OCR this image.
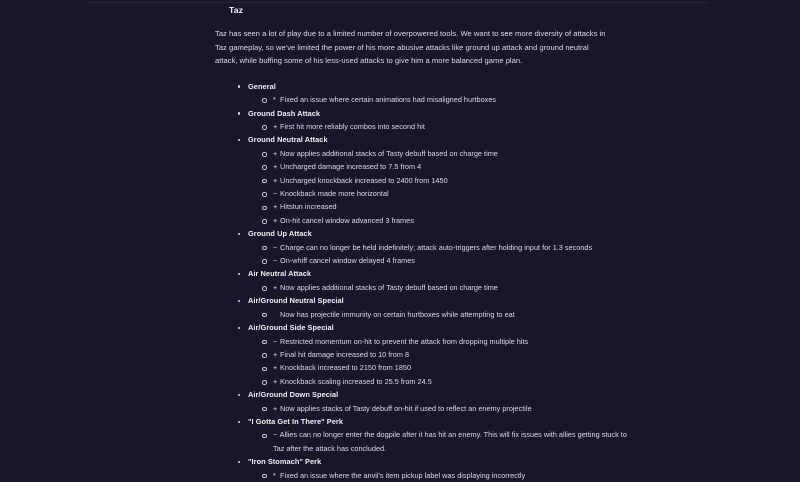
Taz

Taz has seen a lot of play due to a limited number of overpowered tools. We want to see more diversity of attacks in Taz gameplay, so we've limited the power of his more abusive attacks like ground up attack and ground neutral attack, while buffing some of his less-used attacks to give him a more balanced game plan.

General
* Fixed an issue where certain animations had misaligned hurtboxes
Ground Dash Attack
+ First hit more reliably combos into second hit
Ground Neutral Attack
+ Now applies additional stacks of Tasty debuff based on charge time
+ Uncharged damage increased to 7.5 from 4
+ Uncharged knockback increased to 2400 from 1450
− Knockback made more horizontal
+ Hitstun increased
+ On-hit cancel window advanced 3 frames
Ground Up Attack
− Charge can no longer be held indefinitely; attack auto-triggers after holding input for 1.3 seconds
− On-whiff cancel window delayed 4 frames
Air Neutral Attack
+ Now applies additional stacks of Tasty debuff based on charge time
Air/Ground Neutral Special
Now has projectile immunity on certain hurtboxes while attempting to eat
Air/Ground Side Special
− Restricted momentum on-hit to prevent the attack from dropping multiple hits
+ Final hit damage increased to 10 from 8
+ Knockback increased to 2150 from 1850
+ Knockback scaling increased to 25.5 from 24.5
Air/Ground Down Special
+ Now applies stacks of Tasty debuff on-hit if used to reflect an enemy projectile
"I Gotta Get In There" Perk
− Allies can no longer enter the dogpile after it has hit an enemy. This will fix issues with allies getting stuck to Taz after the attack has concluded.
"Iron Stomach" Perk
* Fixed an issue where the anvil's item pickup label was displaying incorrectly
